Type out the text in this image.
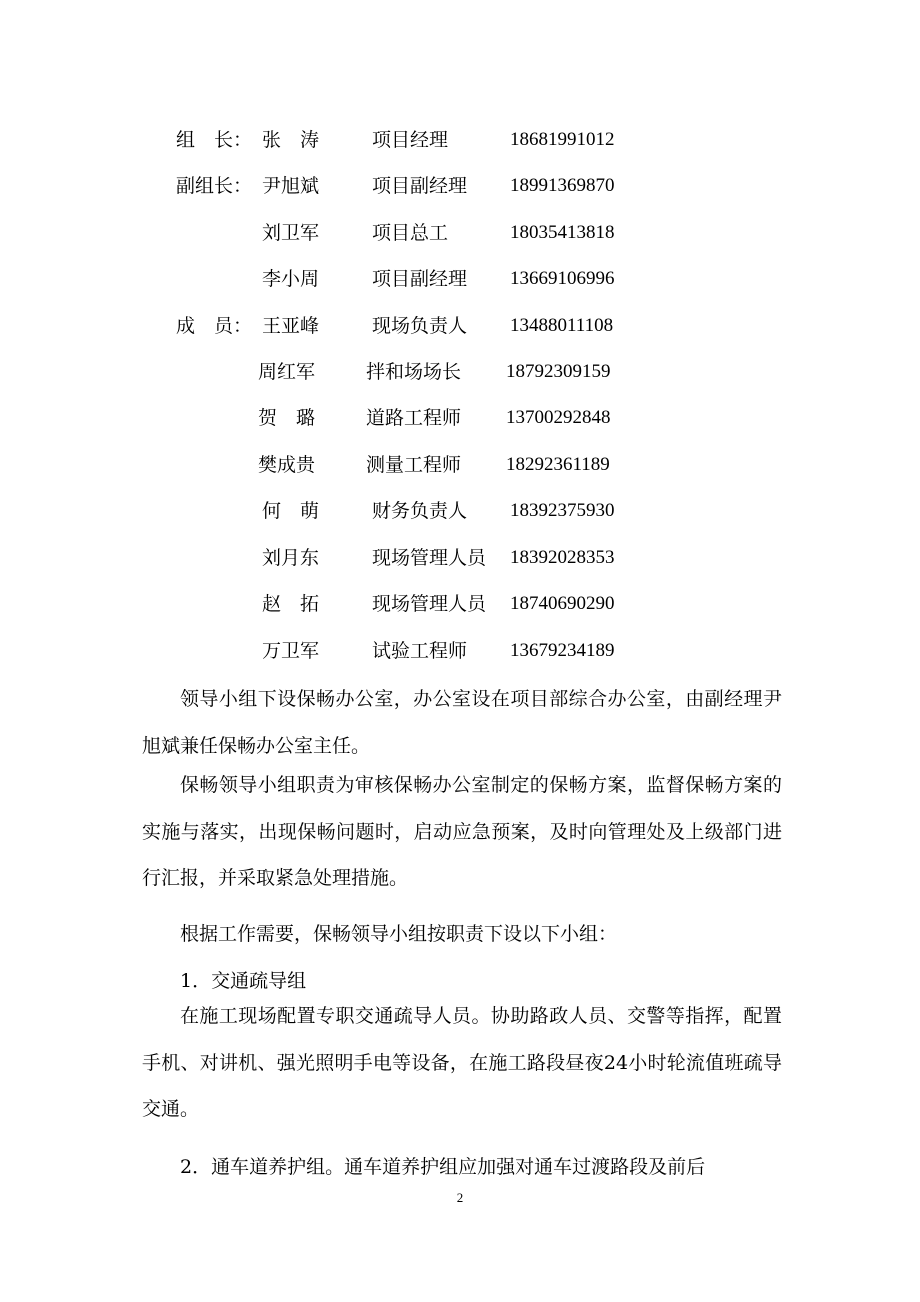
组　长： 张　涛	项目经理	18681991012
副组长： 尹旭斌	项目副经理 18991369870
刘卫军	项目总工	18035413818
李小周	项目副经理 13669106996
成　员： 王亚峰	现场负责人 13488011108
周红军	拌和场场长 18792309159
贺　璐	道路工程师 13700292848
樊成贵	测量工程师 18292361189
何　萌	财务负责人 18392375930
刘月东	现场管理人员 18392028353
赵　拓	现场管理人员 18740690290
万卫军	试验工程师 13679234189

领导小组下设保畅办公室，办公室设在项目部综合办公室，由副经理尹旭斌兼任保畅办公室主任。

保畅领导小组职责为审核保畅办公室制定的保畅方案，监督保畅方案的实施与落实，出现保畅问题时，启动应急预案，及时向管理处及上级部门进行汇报，并采取紧急处理措施。

根据工作需要，保畅领导小组按职责下设以下小组：
1．交通疏导组

在施工现场配置专职交通疏导人员。协助路政人员、交警等指挥，配置手机、对讲机、强光照明手电等设备，在施工路段昼夜24小时轮流值班疏导交通。

2．通车道养护组。通车道养护组应加强对通车过渡路段及前后
2
